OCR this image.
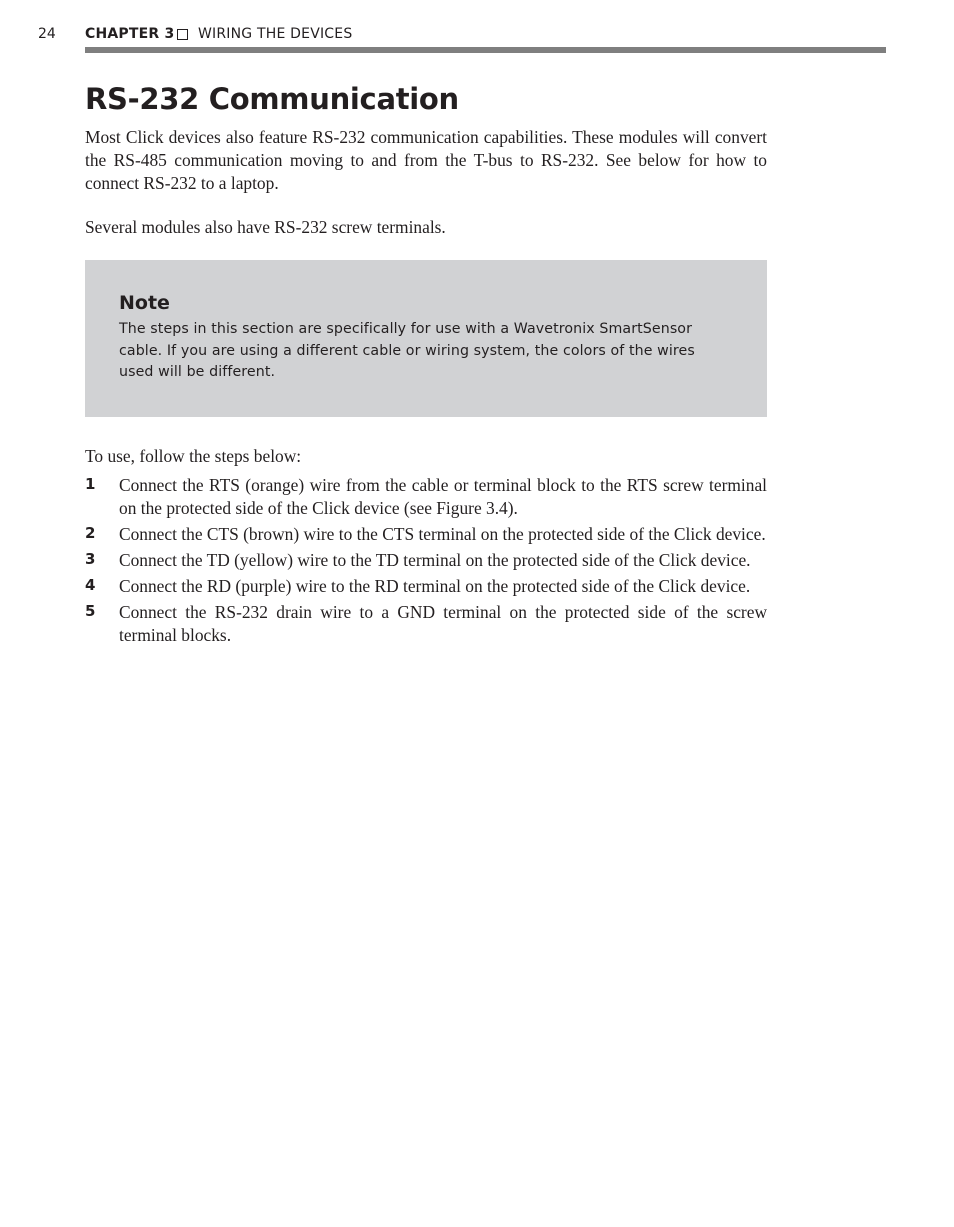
24 CHAPTER 3 WIRING THE DEVICES
RS-232 Communication

Most Click devices also feature RS-232 communication capabilities. These modules will convert the RS-485 communication moving to and from the T-bus to RS-232. See below for how to connect RS-232 to a laptop.

Several modules also have RS-232 screw terminals.

Note

The steps in this section are specifically for use with a Wavetronix SmartSensor cable. If you are using a different cable or wiring system, the colors of the wires used will be different.

To use, follow the steps below:

1 Connect the RTS (orange) wire from the cable or terminal block to the RTS screw terminal on the protected side of the Click device (see Figure 3.4).

2 Connect the CTS (brown) wire to the CTS terminal on the protected side of the Click device.

3 Connect the TD (yellow) wire to the TD terminal on the protected side of the Click device.

4 Connect the RD (purple) wire to the RD terminal on the protected side of the Click device.

5 Connect the RS-232 drain wire to a GND terminal on the protected side of the screw terminal blocks.
